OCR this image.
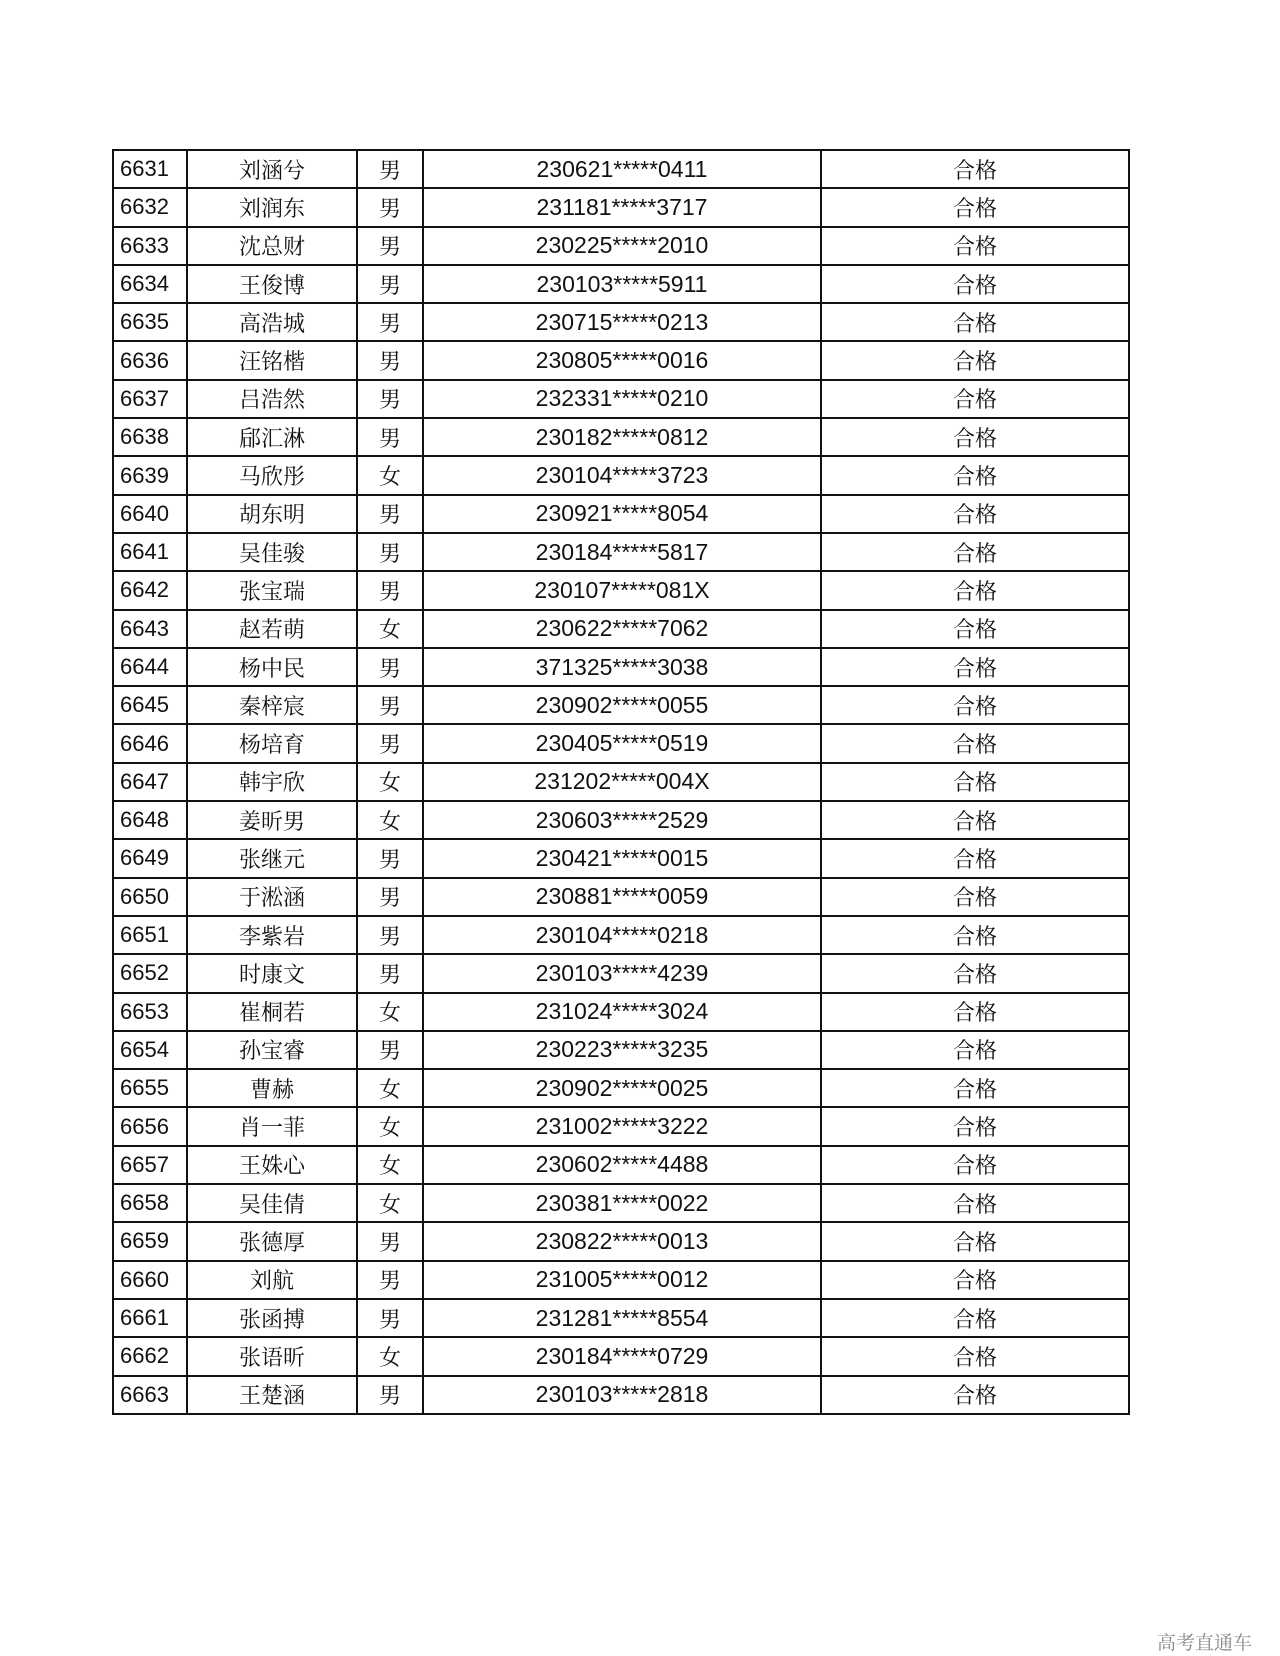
6631	刘涵兮	男	230621*****0411	合格
6632	刘润东	男	231181*****3717	合格
6633	沈总财	男	230225*****2010	合格
6634	王俊博	男	230103*****5911	合格
6635	高浩城	男	230715*****0213	合格
6636	汪铭楷	男	230805*****0016	合格
6637	吕浩然	男	232331*****0210	合格
6638	郈汇淋	男	230182*****0812	合格
6639	马欣彤	女	230104*****3723	合格
6640	胡东明	男	230921*****8054	合格
6641	吴佳骏	男	230184*****5817	合格
6642	张宝瑞	男	230107*****081X	合格
6643	赵若萌	女	230622*****7062	合格
6644	杨中民	男	371325*****3038	合格
6645	秦梓宸	男	230902*****0055	合格
6646	杨培育	男	230405*****0519	合格
6647	韩宇欣	女	231202*****004X	合格
6648	姜昕男	女	230603*****2529	合格
6649	张继元	男	230421*****0015	合格
6650	于淞涵	男	230881*****0059	合格
6651	李紫岩	男	230104*****0218	合格
6652	时康文	男	230103*****4239	合格
6653	崔桐若	女	231024*****3024	合格
6654	孙宝睿	男	230223*****3235	合格
6655	曹赫	女	230902*****0025	合格
6656	肖一菲	女	231002*****3222	合格
6657	王姝心	女	230602*****4488	合格
6658	吴佳倩	女	230381*****0022	合格
6659	张德厚	男	230822*****0013	合格
6660	刘航	男	231005*****0012	合格
6661	张函搏	男	231281*****8554	合格
6662	张语昕	女	230184*****0729	合格
6663	王楚涵	男	230103*****2818	合格
高考直通车
